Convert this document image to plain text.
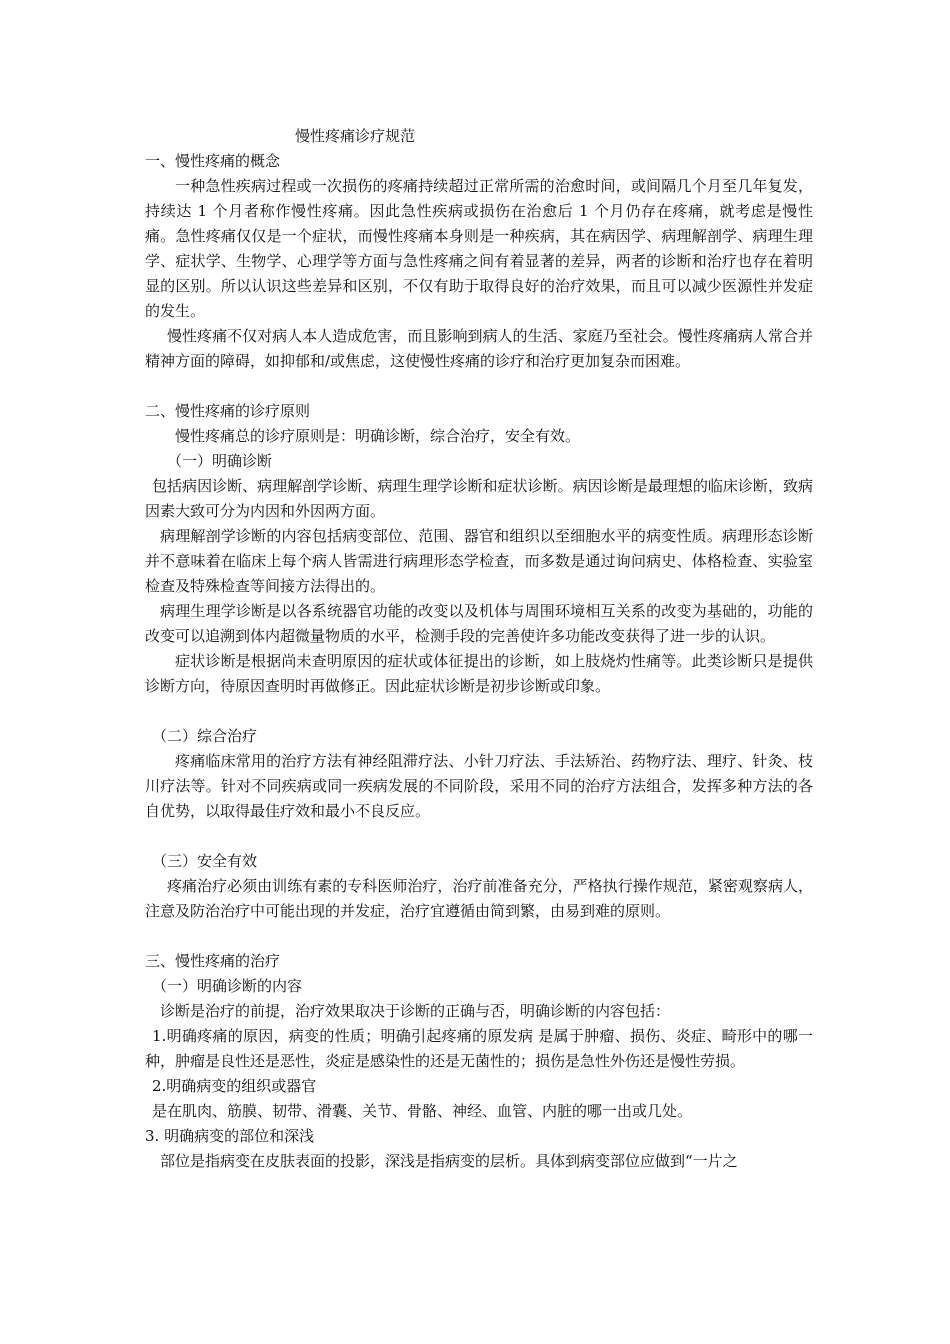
慢性疼痛诊疗规范

一、慢性疼痛的概念

一种急性疾病过程或一次损伤的疼痛持续超过正常所需的治愈时间，或间隔几个月至几年复发，持续达 1 个月者称作慢性疼痛。因此急性疾病或损伤在治愈后 1 个月仍存在疼痛，就考虑是慢性痛。急性疼痛仅仅是一个症状，而慢性疼痛本身则是一种疾病，其在病因学、病理解剖学、病理生理学、症状学、生物学、心理学等方面与急性疼痛之间有着显著的差异，两者的诊断和治疗也存在着明显的区别。所以认识这些差异和区别，不仅有助于取得良好的治疗效果，而且可以减少医源性并发症的发生。

慢性疼痛不仅对病人本人造成危害，而且影响到病人的生活、家庭乃至社会。慢性疼痛病人常合并精神方面的障碍，如抑郁和/或焦虑，这使慢性疼痛的诊疗和治疗更加复杂而困难。

二、慢性疼痛的诊疗原则

慢性疼痛总的诊疗原则是：明确诊断，综合治疗，安全有效。

（一）明确诊断

包括病因诊断、病理解剖学诊断、病理生理学诊断和症状诊断。病因诊断是最理想的临床诊断，致病因素大致可分为内因和外因两方面。

病理解剖学诊断的内容包括病变部位、范围、器官和组织以至细胞水平的病变性质。病理形态诊断并不意味着在临床上每个病人皆需进行病理形态学检查，而多数是通过询问病史、体格检查、实验室检查及特殊检查等间接方法得出的。

病理生理学诊断是以各系统器官功能的改变以及机体与周围环境相互关系的改变为基础的，功能的改变可以追溯到体内超微量物质的水平，检测手段的完善使许多功能改变获得了进一步的认识。

症状诊断是根据尚未查明原因的症状或体征提出的诊断，如上肢烧灼性痛等。此类诊断只是提供诊断方向，待原因查明时再做修正。因此症状诊断是初步诊断或印象。

（二）综合治疗

疼痛临床常用的治疗方法有神经阻滞疗法、小针刀疗法、手法矫治、药物疗法、理疗、针灸、枝川疗法等。针对不同疾病或同一疾病发展的不同阶段，采用不同的治疗方法组合，发挥多种方法的各自优势，以取得最佳疗效和最小不良反应。

（三）安全有效

疼痛治疗必须由训练有素的专科医师治疗，治疗前准备充分，严格执行操作规范，紧密观察病人，注意及防治治疗中可能出现的并发症，治疗宜遵循由简到繁，由易到难的原则。

三、慢性疼痛的治疗

（一）明确诊断的内容

诊断是治疗的前提，治疗效果取决于诊断的正确与否，明确诊断的内容包括：

1.明确疼痛的原因，病变的性质；明确引起疼痛的原发病 是属于肿瘤、损伤、炎症、畸形中的哪一种，肿瘤是良性还是恶性，炎症是感染性的还是无菌性的；损伤是急性外伤还是慢性劳损。

2.明确病变的组织或器官

是在肌肉、筋膜、韧带、滑囊、关节、骨骼、神经、血管、内脏的哪一出或几处。

3. 明确病变的部位和深浅

部位是指病变在皮肤表面的投影，深浅是指病变的层析。具体到病变部位应做到“一片之
